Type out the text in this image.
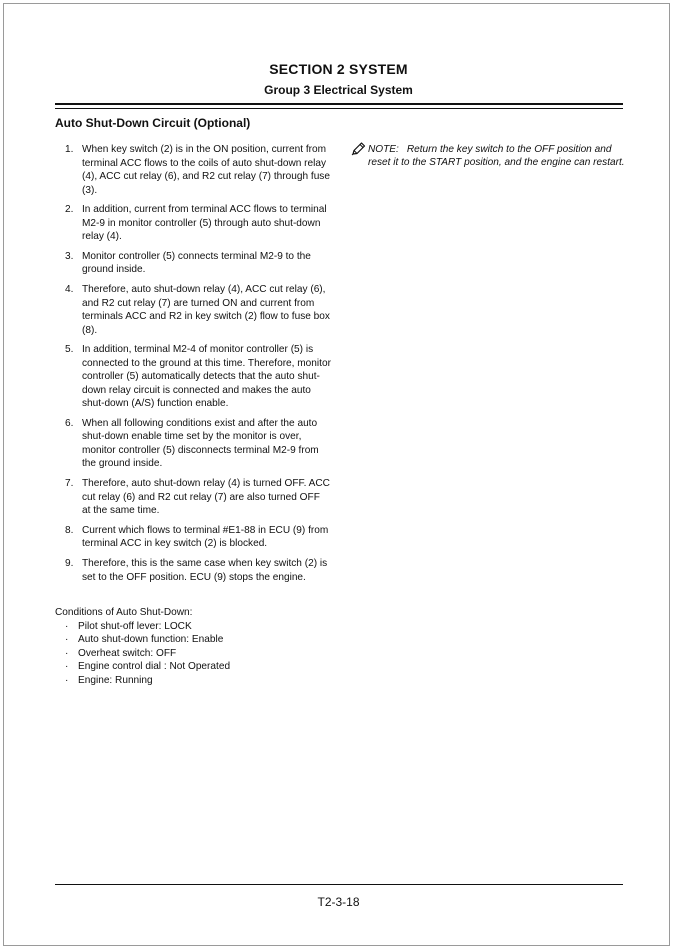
SECTION 2 SYSTEM
Group 3 Electrical System
Auto Shut-Down Circuit (Optional)
1. When key switch (2) is in the ON position, current from terminal ACC flows to the coils of auto shut-down relay (4), ACC cut relay (6), and R2 cut relay (7) through fuse (3).
2. In addition, current from terminal ACC flows to terminal M2-9 in monitor controller (5) through auto shut-down relay (4).
3. Monitor controller (5) connects terminal M2-9 to the ground inside.
4. Therefore, auto shut-down relay (4), ACC cut relay (6), and R2 cut relay (7) are turned ON and current from terminals ACC and R2 in key switch (2) flow to fuse box (8).
5. In addition, terminal M2-4 of monitor controller (5) is connected to the ground at this time. Therefore, monitor controller (5) automatically detects that the auto shut-down relay circuit is connected and makes the auto shut-down (A/S) function enable.
6. When all following conditions exist and after the auto shut-down enable time set by the monitor is over, monitor controller (5) disconnects terminal M2-9 from the ground inside.
7. Therefore, auto shut-down relay (4) is turned OFF. ACC cut relay (6) and R2 cut relay (7) are also turned OFF at the same time.
8. Current which flows to terminal #E1-88 in ECU (9) from terminal ACC in key switch (2) is blocked.
9. Therefore, this is the same case when key switch (2) is set to the OFF position. ECU (9) stops the engine.
NOTE: Return the key switch to the OFF position and reset it to the START position, and the engine can restart.
Conditions of Auto Shut-Down:
· Pilot shut-off lever: LOCK
· Auto shut-down function: Enable
· Overheat switch: OFF
· Engine control dial : Not Operated
· Engine: Running
T2-3-18
